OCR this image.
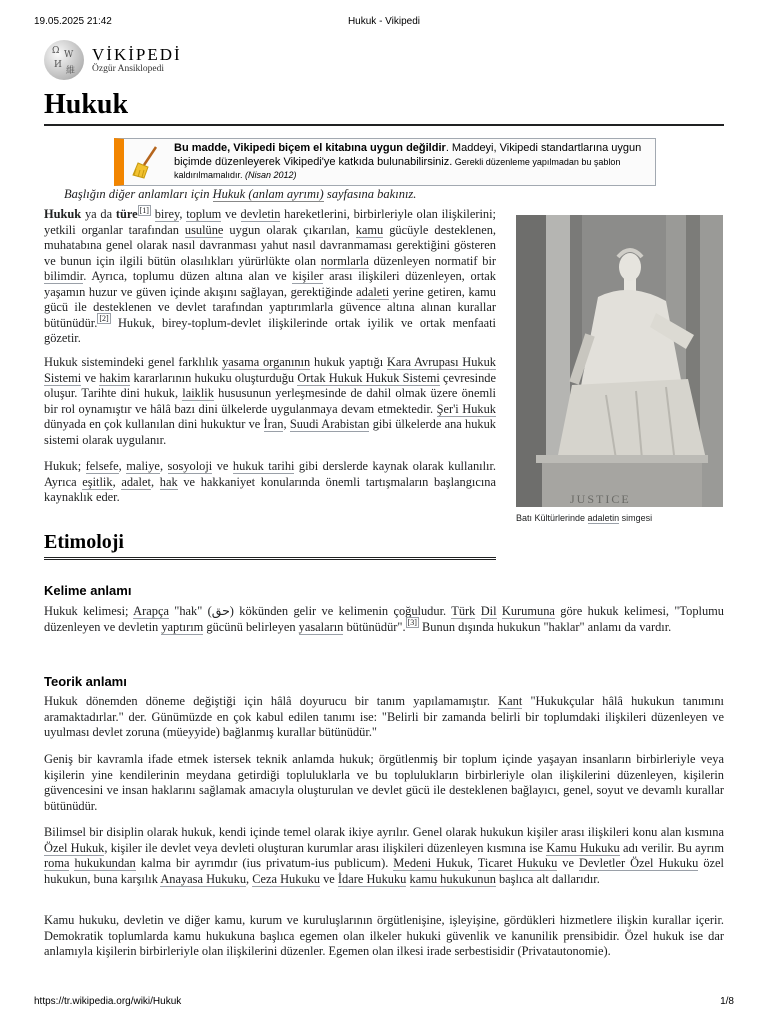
19.05.2025 21:42	Hukuk - Vikipedi
Ω W
И
維
VİKİPEDİ
Özgür Ansiklopedi
Hukuk
Bu madde, Vikipedi biçem el kitabına uygun değildir. Maddeyi, Vikipedi standartlarına uygun biçimde düzenleyerek Vikipedi'ye katkıda bulunabilirsiniz. Gerekli düzenleme yapılmadan bu şablon kaldırılmamalıdır. (Nisan 2012)
Başlığın diğer anlamları için Hukuk (anlam ayrımı) sayfasına bakınız.

Hukuk ya da türe [1] birey, toplum ve devletin hareketlerini, birbirleriyle olan ilişkilerini; yetkili organlar tarafından usulüne uygun olarak çıkarılan, kamu gücüyle desteklenen, muhatabına genel olarak nasıl davranması yahut nasıl davranmaması gerektiğini gösteren ve bunun için ilgili bütün olasılıkları yürürlükte olan normlarla düzenleyen normatif bir bilimdir. Ayrıca, toplumu düzen altına alan ve kişiler arası ilişkileri düzenleyen, ortak yaşamın huzur ve güven içinde akışını sağlayan, gerektiğinde adaleti yerine getiren, kamu gücü ile desteklenen ve devlet tarafından yaptırımlarla güvence altına alınan kurallar bütünüdür. [2] Hukuk, birey-toplum-devlet ilişkilerinde ortak iyilik ve ortak menfaati gözetir.

Hukuk sistemindeki genel farklılık yasama organının hukuk yaptığı Kara Avrupası Hukuk Sistemi ve hakim kararlarının hukuku oluşturduğu Ortak Hukuk Hukuk Sistemi çevresinde oluşur. Tarihte dini hukuk, laiklik hususunun yerleşmesinde de dahil olmak üzere önemli bir rol oynamıştır ve hâlâ bazı dini ülkelerde uygulanmaya devam etmektedir. Şer'i Hukuk dünyada en çok kullanılan dini hukuktur ve İran, Suudi Arabistan gibi ülkelerde ana hukuk sistemi olarak uygulanır.

Hukuk; felsefe, maliye, sosyoloji ve hukuk tarihi gibi derslerde kaynak olarak kullanılır. Ayrıca eşitlik, adalet, hak ve hakkaniyet konularında önemli tartışmaların başlangıcına kaynaklık eder.	JUSTICE
Batı Kültürlerinde adaletin simgesi
Etimoloji
Kelime anlamı

Hukuk kelimesi; Arapça "hak" (حق) kökünden gelir ve kelimenin çoğuludur. Türk Dil Kurumuna göre hukuk kelimesi, "Toplumu düzenleyen ve devletin yaptırım gücünü belirleyen yasaların bütünüdür". [3] Bunun dışında hukukun "haklar" anlamı da vardır.

Teorik anlamı

Hukuk dönemden döneme değiştiği için hâlâ doyurucu bir tanım yapılamamıştır. Kant "Hukukçular hâlâ hukukun tanımını aramaktadırlar." der. Günümüzde en çok kabul edilen tanımı ise: "Belirli bir zamanda belirli bir toplumdaki ilişkileri düzenleyen ve uyulması devlet zoruna (müeyyide) bağlanmış kurallar bütünüdür."

Geniş bir kavramla ifade etmek istersek teknik anlamda hukuk; örgütlenmiş bir toplum içinde yaşayan insanların birbirleriyle veya kişilerin yine kendilerinin meydana getirdiği topluluklarla ve bu toplulukların birbirleriyle olan ilişkilerini düzenleyen, kişilerin güvencesini ve insan haklarını sağlamak amacıyla oluşturulan ve devlet gücü ile desteklenen bağlayıcı, genel, soyut ve devamlı kurallar bütünüdür.

Bilimsel bir disiplin olarak hukuk, kendi içinde temel olarak ikiye ayrılır. Genel olarak hukukun kişiler arası ilişkileri konu alan kısmına Özel Hukuk, kişiler ile devlet veya devleti oluşturan kurumlar arası ilişkileri düzenleyen kısmına ise Kamu Hukuku adı verilir. Bu ayrım roma hukukundan kalma bir ayrımdır (ius privatum-ius publicum). Medeni Hukuk, Ticaret Hukuku ve Devletler Özel Hukuku özel hukukun, buna karşılık Anayasa Hukuku, Ceza Hukuku ve İdare Hukuku kamu hukukunun başlıca alt dallarıdır.

Kamu hukuku, devletin ve diğer kamu, kurum ve kuruluşlarının örgütlenişine, işleyişine, gördükleri hizmetlere ilişkin kurallar içerir. Demokratik toplumlarda kamu hukukuna başlıca egemen olan ilkeler hukuki güvenlik ve kanunilik prensibidir. Özel hukuk ise dar anlamıyla kişilerin birbirleriyle olan ilişkilerini düzenler. Egemen olan ilkesi irade serbestisidir (Privatautonomie).

https://tr.wikipedia.org/wiki/Hukuk	1/8
